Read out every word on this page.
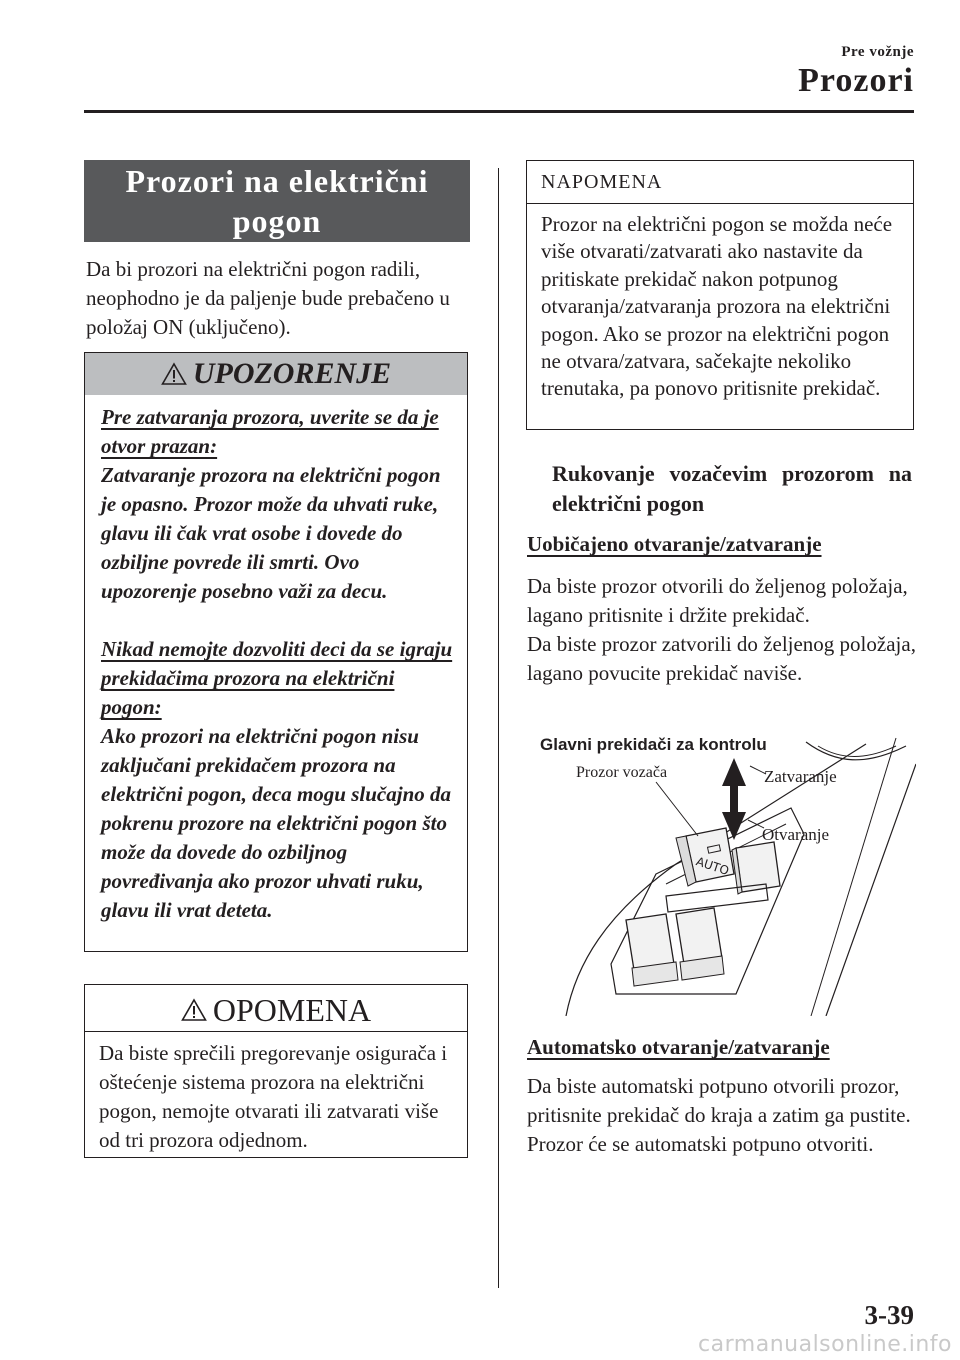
Pre vožnje
Prozori
Prozori na električni pogon
Da bi prozori na električni pogon radili, neophodno je da paljenje bude prebačeno u položaj ON (uključeno).
UPOZORENJE

Pre zatvaranja prozora, uverite se da je otvor prazan:

Zatvaranje prozora na električni pogon je opasno. Prozor može da uhvati ruke, glavu ili čak vrat osobe i dovede do ozbiljne povrede ili smrti. Ovo upozorenje posebno važi za decu.

Nikad nemojte dozvoliti deci da se igraju prekidačima prozora na električni pogon:

Ako prozori na električni pogon nisu zaključani prekidačem prozora na električni pogon, deca mogu slučajno da pokrenu prozore na električni pogon što može da dovede do ozbiljnog povređivanja ako prozor uhvati ruku, glavu ili vrat deteta.

OPOMENA
Da biste sprečili pregorevanje osigurača i oštećenje sistema prozora na električni pogon, nemojte otvarati ili zatvarati više od tri prozora odjednom.
NAPOMENA
Prozor na električni pogon se možda neće više otvarati/zatvarati ako nastavite da pritiskate prekidač nakon potpunog otvaranja/zatvaranja prozora na električni pogon. Ako se prozor na električni pogon ne otvara/zatvara, sačekajte nekoliko trenutaka, pa ponovo pritisnite prekidač.
Rukovanje vozačevim prozorom na električni pogon
Uobičajeno otvaranje/zatvaranje
Da biste prozor otvorili do željenog položaja, lagano pritisnite i držite prekidač.
Da biste prozor zatvorili do željenog položaja, lagano povucite prekidač naviše.
AUTO
Glavni prekidači za kontrolu
Prozor vozača	Zatvaranje
Otvaranje
Automatsko otvaranje/zatvaranje
Da biste automatski potpuno otvorili prozor, pritisnite prekidač do kraja a zatim ga pustite. Prozor će se automatski potpuno otvoriti.
3-39
carmanualsonline.info
